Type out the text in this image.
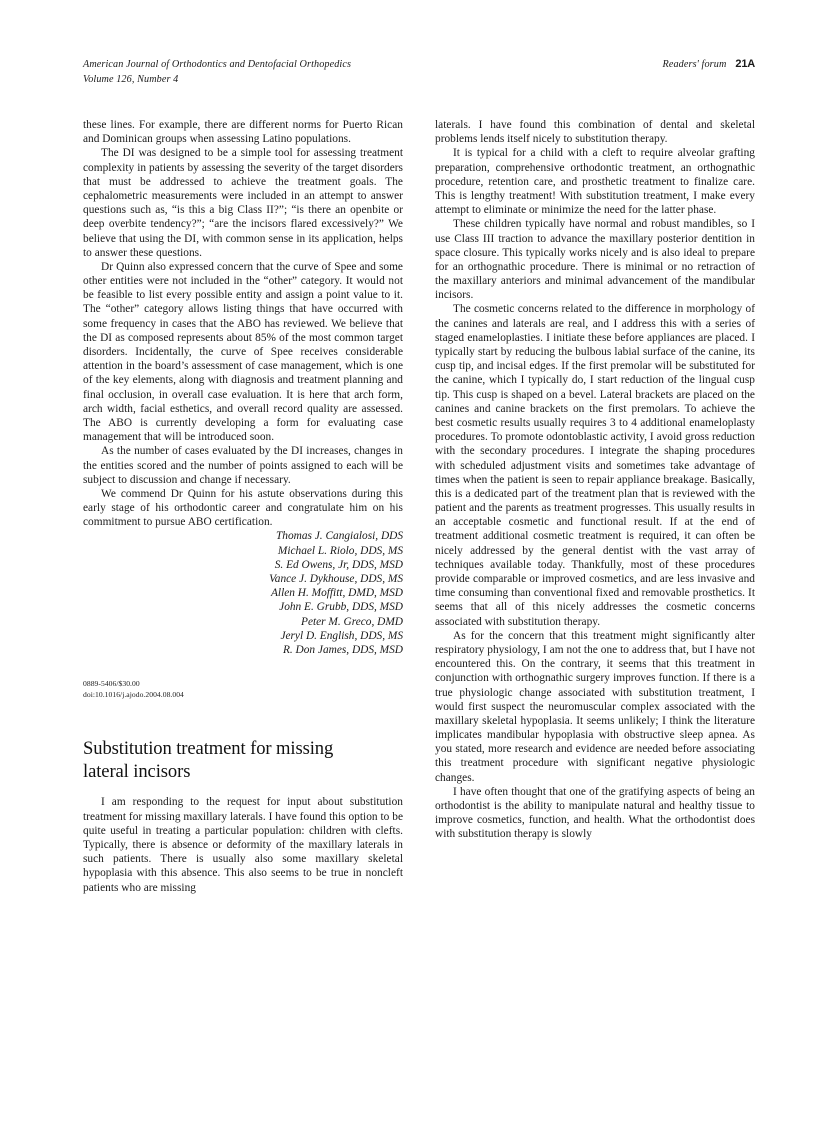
American Journal of Orthodontics and Dentofacial Orthopedics
Volume 126, Number 4
Readers' forum 21A

these lines. For example, there are different norms for Puerto Rican and Dominican groups when assessing Latino populations.

The DI was designed to be a simple tool for assessing treatment complexity in patients by assessing the severity of the target disorders that must be addressed to achieve the treatment goals. The cephalometric measurements were included in an attempt to answer questions such as, “is this a big Class II?”; “is there an openbite or deep overbite tendency?”; “are the incisors flared excessively?” We believe that using the DI, with common sense in its application, helps to answer these questions.

Dr Quinn also expressed concern that the curve of Spee and some other entities were not included in the “other” category. It would not be feasible to list every possible entity and assign a point value to it. The “other” category allows listing things that have occurred with some frequency in cases that the ABO has reviewed. We believe that the DI as composed represents about 85% of the most common target disorders. Incidentally, the curve of Spee receives considerable attention in the board’s assessment of case management, which is one of the key elements, along with diagnosis and treatment planning and final occlusion, in overall case evaluation. It is here that arch form, arch width, facial esthetics, and overall record quality are assessed. The ABO is currently developing a form for evaluating case management that will be introduced soon.

As the number of cases evaluated by the DI increases, changes in the entities scored and the number of points assigned to each will be subject to discussion and change if necessary.

We commend Dr Quinn for his astute observations during this early stage of his orthodontic career and congratulate him on his commitment to pursue ABO certification.

Thomas J. Cangialosi, DDS
Michael L. Riolo, DDS, MS
S. Ed Owens, Jr, DDS, MSD
Vance J. Dykhouse, DDS, MS
Allen H. Moffitt, DMD, MSD
John E. Grubb, DDS, MSD
Peter M. Greco, DMD
Jeryl D. English, DDS, MS
R. Don James, DDS, MSD
0889-5406/$30.00
doi:10.1016/j.ajodo.2004.08.004
Substitution treatment for missing
lateral incisors

I am responding to the request for input about substitution treatment for missing maxillary laterals. I have found this option to be quite useful in treating a particular population: children with clefts. Typically, there is absence or deformity of the maxillary laterals in such patients. There is usually also some maxillary skeletal hypoplasia with this absence. This also seems to be true in noncleft patients who are missing

laterals. I have found this combination of dental and skeletal problems lends itself nicely to substitution therapy.

It is typical for a child with a cleft to require alveolar grafting preparation, comprehensive orthodontic treatment, an orthognathic procedure, retention care, and prosthetic treatment to finalize care. This is lengthy treatment! With substitution treatment, I make every attempt to eliminate or minimize the need for the latter phase.

These children typically have normal and robust mandibles, so I use Class III traction to advance the maxillary posterior dentition in space closure. This typically works nicely and is also ideal to prepare for an orthognathic procedure. There is minimal or no retraction of the maxillary anteriors and minimal advancement of the mandibular incisors.

The cosmetic concerns related to the difference in morphology of the canines and laterals are real, and I address this with a series of staged enameloplasties. I initiate these before appliances are placed. I typically start by reducing the bulbous labial surface of the canine, its cusp tip, and incisal edges. If the first premolar will be substituted for the canine, which I typically do, I start reduction of the lingual cusp tip. This cusp is shaped on a bevel. Lateral brackets are placed on the canines and canine brackets on the first premolars. To achieve the best cosmetic results usually requires 3 to 4 additional enameloplasty procedures. To promote odontoblastic activity, I avoid gross reduction with the secondary procedures. I integrate the shaping procedures with scheduled adjustment visits and sometimes take advantage of times when the patient is seen to repair appliance breakage. Basically, this is a dedicated part of the treatment plan that is reviewed with the patient and the parents as treatment progresses. This usually results in an acceptable cosmetic and functional result. If at the end of treatment additional cosmetic treatment is required, it can often be nicely addressed by the general dentist with the vast array of techniques available today. Thankfully, most of these procedures provide comparable or improved cosmetics, and are less invasive and time consuming than conventional fixed and removable prosthetics. It seems that all of this nicely addresses the cosmetic concerns associated with substitution therapy.

As for the concern that this treatment might significantly alter respiratory physiology, I am not the one to address that, but I have not encountered this. On the contrary, it seems that this treatment in conjunction with orthognathic surgery improves function. If there is a true physiologic change associated with substitution treatment, I would first suspect the neuromuscular complex associated with the maxillary skeletal hypoplasia. It seems unlikely; I think the literature implicates mandibular hypoplasia with obstructive sleep apnea. As you stated, more research and evidence are needed before associating this treatment procedure with significant negative physiologic changes.

I have often thought that one of the gratifying aspects of being an orthodontist is the ability to manipulate natural and healthy tissue to improve cosmetics, function, and health. What the orthodontist does with substitution therapy is slowly
